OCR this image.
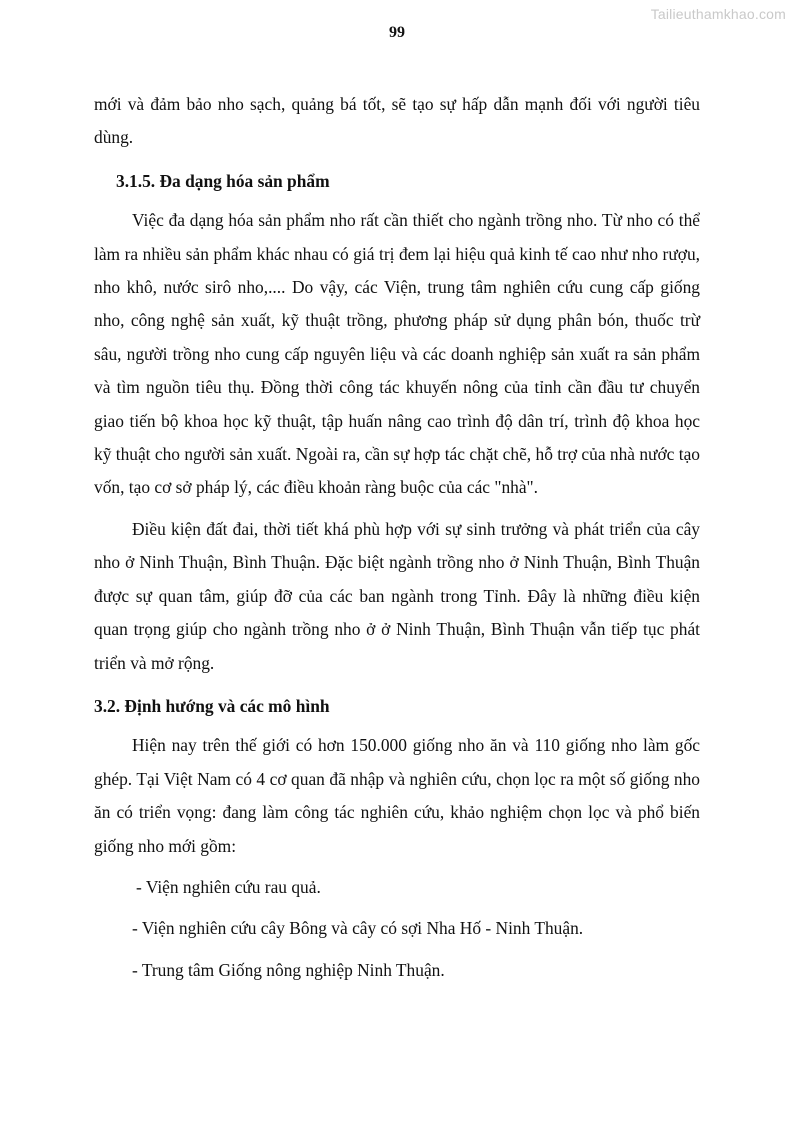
Tailieuthamkhao.com
99

mới và đảm bảo nho sạch, quảng bá tốt, sẽ tạo sự hấp dẫn mạnh đối với người tiêu dùng.

3.1.5. Đa dạng hóa sản phẩm

Việc đa dạng hóa sản phẩm nho rất cần thiết cho ngành trồng nho. Từ nho có thể làm ra nhiều sản phẩm khác nhau có giá trị đem lại hiệu quả kinh tế cao như nho rượu, nho khô, nước sirô nho,.... Do vậy, các Viện, trung tâm nghiên cứu cung cấp giống nho, công nghệ sản xuất, kỹ thuật trồng, phương pháp sử dụng phân bón, thuốc trừ sâu, người trồng nho cung cấp nguyên liệu và các doanh nghiệp sản xuất ra sản phẩm và tìm nguồn tiêu thụ. Đồng thời công tác khuyến nông của tỉnh cần đầu tư chuyển giao tiến bộ khoa học kỹ thuật, tập huấn nâng cao trình độ dân trí, trình độ khoa học kỹ thuật cho người sản xuất. Ngoài ra, cần sự hợp tác chặt chẽ, hỗ trợ của nhà nước tạo vốn, tạo cơ sở pháp lý, các điều khoản ràng buộc của các "nhà".

Điều kiện đất đai, thời tiết khá phù hợp với sự sinh trưởng và phát triển của cây nho ở Ninh Thuận, Bình Thuận. Đặc biệt ngành trồng nho ở Ninh Thuận, Bình Thuận được sự quan tâm, giúp đỡ của các ban ngành trong Tỉnh. Đây là những điều kiện quan trọng giúp cho ngành trồng nho ở ở Ninh Thuận, Bình Thuận vẫn tiếp tục phát triển và mở rộng.

3.2. Định hướng và các mô hình

Hiện nay trên thế giới có hơn 150.000 giống nho ăn và 110 giống nho làm gốc ghép. Tại Việt Nam có 4 cơ quan đã nhập và nghiên cứu, chọn lọc ra một số giống nho ăn có triển vọng: đang làm công tác nghiên cứu, khảo nghiệm chọn lọc và phổ biến giống nho mới gồm:

- Viện nghiên cứu rau quả.

- Viện nghiên cứu cây Bông và cây có sợi Nha Hố - Ninh Thuận.

- Trung tâm Giống nông nghiệp Ninh Thuận.
